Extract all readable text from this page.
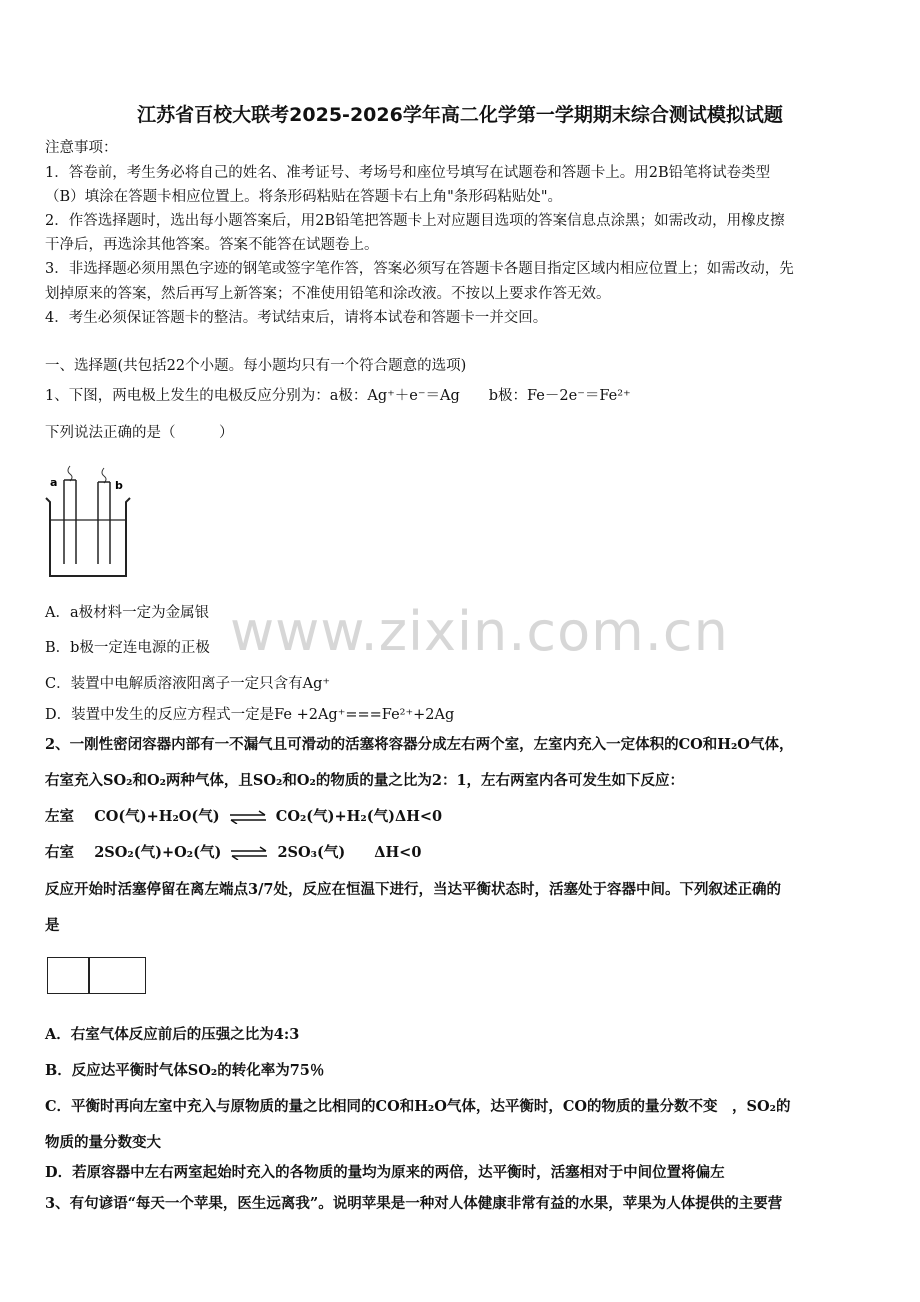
江苏省百校大联考2025-2026学年高二化学第一学期期末综合测试模拟试题
注意事项：
1．答卷前，考生务必将自己的姓名、准考证号、考场号和座位号填写在试题卷和答题卡上。用2B铅笔将试卷类型
（B）填涂在答题卡相应位置上。将条形码粘贴在答题卡右上角"条形码粘贴处"。
2．作答选择题时，选出每小题答案后，用2B铅笔把答题卡上对应题目选项的答案信息点涂黑；如需改动，用橡皮擦
干净后，再选涂其他答案。答案不能答在试题卷上。
3．非选择题必须用黑色字迹的钢笔或签字笔作答，答案必须写在答题卡各题目指定区域内相应位置上；如需改动，先
划掉原来的答案，然后再写上新答案；不准使用铅笔和涂改液。不按以上要求作答无效。
4．考生必须保证答题卡的整洁。考试结束后，请将本试卷和答题卡一并交回。
一、选择题(共包括22个小题。每小题均只有一个符合题意的选项)
1、下图，两电极上发生的电极反应分别为：a极：Ag⁺＋e⁻＝Ag　　b极：Fe－2e⁻＝Fe²⁺
下列说法正确的是（　　　）
a	b
A．a极材料一定为金属银
B．b极一定连电源的正极
C．装置中电解质溶液阳离子一定只含有Ag⁺
D．装置中发生的反应方程式一定是Fe +2Ag⁺===Fe²⁺+2Ag
2、一刚性密闭容器内部有一不漏气且可滑动的活塞将容器分成左右两个室，左室内充入一定体积的CO和H₂O气体，
右室充入SO₂和O₂两种气体，且SO₂和O₂的物质的量之比为2：1，左右两室内各可发生如下反应：
左室 CO(气)+H₂O(气) ⇌ CO₂(气)+H₂(气)ΔH<0
右室 2SO₂(气)+O₂(气) ⇌ 2SO₃(气)　　ΔH<0
反应开始时活塞停留在离左端点3/7处，反应在恒温下进行，当达平衡状态时，活塞处于容器中间。下列叙述正确的
是
A．右室气体反应前后的压强之比为4:3
B．反应达平衡时气体SO₂的转化率为75％
C．平衡时再向左室中充入与原物质的量之比相同的CO和H₂O气体，达平衡时，CO的物质的量分数不变　，SO₂的
物质的量分数变大
D．若原容器中左右两室起始时充入的各物质的量均为原来的两倍，达平衡时，活塞相对于中间位置将偏左
3、有句谚语“每天一个苹果，医生远离我”。说明苹果是一种对人体健康非常有益的水果，苹果为人体提供的主要营
www.zixin.com.cn
